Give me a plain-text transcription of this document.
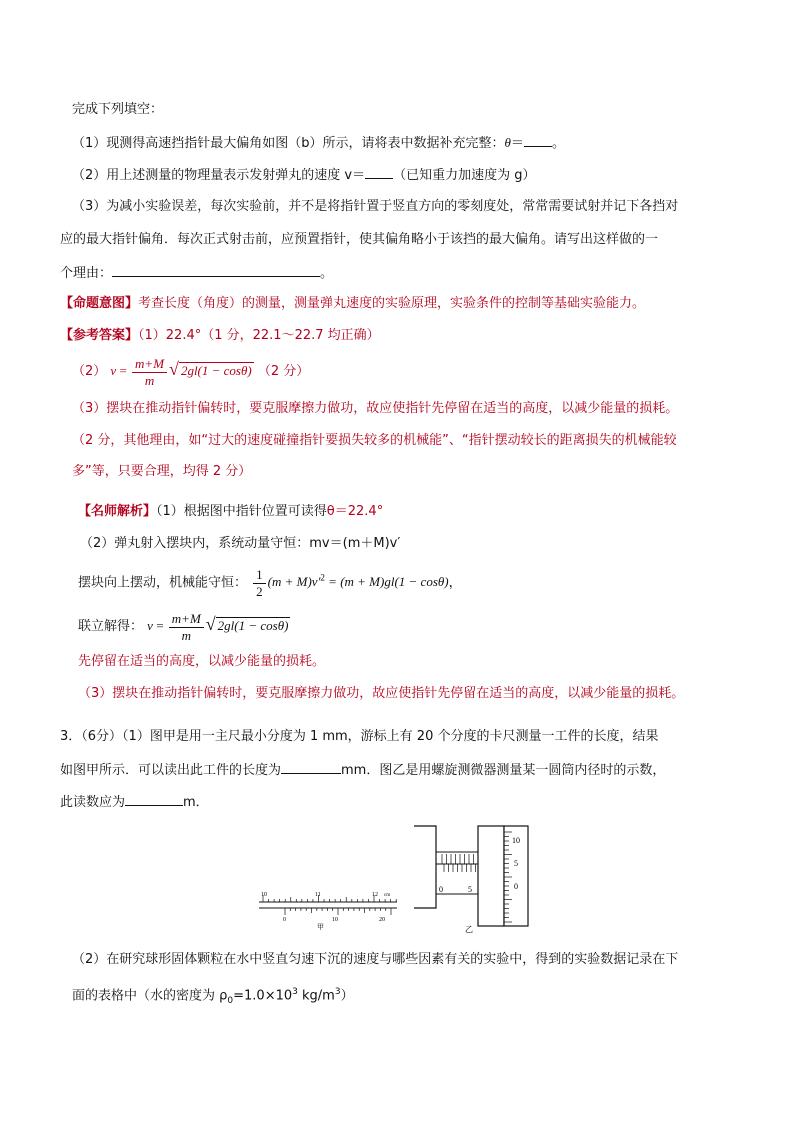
完成下列填空：
（1）现测得高速挡指针最大偏角如图（b）所示，请将表中数据补充完整：θ＝ 。
（2）用上述测量的物理量表示发射弹丸的速度 v＝ （已知重力加速度为 g）
（3）为减小实验误差，每次实验前，并不是将指针置于竖直方向的零刻度处，常常需要试射并记下各挡对
应的最大指针偏角．每次正式射击前，应预置指针，使其偏角略小于该挡的最大偏角。请写出这样做的一
个理由：	。
【命题意图】考查长度（角度）的测量，测量弹丸速度的实验原理，实验条件的控制等基础实验能力。
【参考答案】（1）22.4°（1 分，22.1～22.7 均正确）
（2） $v = \frac{m+M}{m}$ √ 2gl(1 − cosθ) （2 分）
（3）摆块在推动指针偏转时，要克服摩擦力做功，故应使指针先停留在适当的高度，以减少能量的损耗。
（2 分，其他理由，如“过大的速度碰撞指针要损失较多的机械能”、“指针摆动较长的距离损失的机械能较
多”等，只要合理，均得 2 分）
【名师解析】（1）根据图中指针位置可读得θ＝22.4°
（2）弹丸射入摆块内，系统动量守恒：mv＝(m＋M)v′
摆块向上摆动，机械能守恒： $\frac{1}{2} (m + M)v'^2 = (m + M)gl(1 - \cos\theta)$，
联立解得： $v = \frac{m+M}{m}$ √ 2gl(1 − cosθ)
先停留在适当的高度，以减少能量的损耗。
（3）摆块在推动指针偏转时，要克服摩擦力做功，故应使指针先停留在适当的高度，以减少能量的损耗。
3．（6分）（1）图甲是用一主尺最小分度为 1 mm，游标上有 20 个分度的卡尺测量一工件的长度，结果
如图甲所示．可以读出此工件的长度为	mm．图乙是用螺旋测微器测量某一圆筒内径时的示数，
此读数应为	m．
10	11	12 cm
0	10	20
甲
0	5
10
5
0
乙
（2）在研究球形固体颗粒在水中竖直匀速下沉的速度与哪些因素有关的实验中，得到的实验数据记录在下
面的表格中（水的密度为 $\rho_0=1.0\times 10^3$ $kg/m^3$）
